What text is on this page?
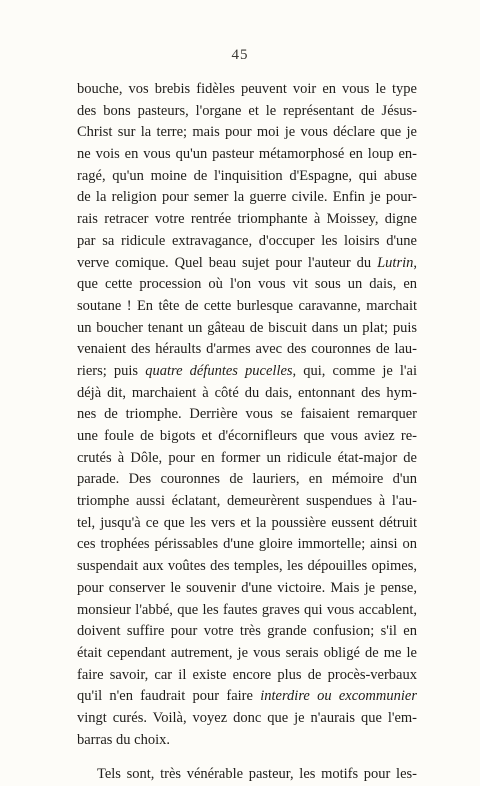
45
bouche, vos brebis fidèles peuvent voir en vous le type
des bons pasteurs, l'organe et le représentant de Jésus-
Christ sur la terre; mais pour moi je vous déclare que je
ne vois en vous qu'un pasteur métamorphosé en loup en-
ragé, qu'un moine de l'inquisition d'Espagne, qui abuse
de la religion pour semer la guerre civile. Enfin je pour-
rais retracer votre rentrée triomphante à Moissey, digne
par sa ridicule extravagance, d'occuper les loisirs d'une
verve comique. Quel beau sujet pour l'auteur du Lutrin,
que cette procession où l'on vous vit sous un dais, en
soutane ! En tête de cette burlesque caravanne, marchait
un boucher tenant un gâteau de biscuit dans un plat; puis
venaient des héraults d'armes avec des couronnes de lau-
riers; puis quatre défuntes pucelles, qui, comme je l'ai
déjà dit, marchaient à côté du dais, entonnant des hym-
nes de triomphe. Derrière vous se faisaient remarquer
une foule de bigots et d'écornifleurs que vous aviez re-
crutés à Dôle, pour en former un ridicule état-major de
parade. Des couronnes de lauriers, en mémoire d'un
triomphe aussi éclatant, demeurèrent suspendues à l'au-
tel, jusqu'à ce que les vers et la poussière eussent détruit
ces trophées périssables d'une gloire immortelle; ainsi on
suspendait aux voûtes des temples, les dépouilles opimes,
pour conserver le souvenir d'une victoire. Mais je pense,
monsieur l'abbé, que les fautes graves qui vous accablent,
doivent suffire pour votre très grande confusion; s'il en
était cependant autrement, je vous serais obligé de me le
faire savoir, car il existe encore plus de procès-verbaux
qu'il n'en faudrait pour faire interdire ou excommunier
vingt curés. Voilà, voyez donc que je n'aurais que l'em-
barras du choix.
Tels sont, très vénérable pasteur, les motifs pour les-
